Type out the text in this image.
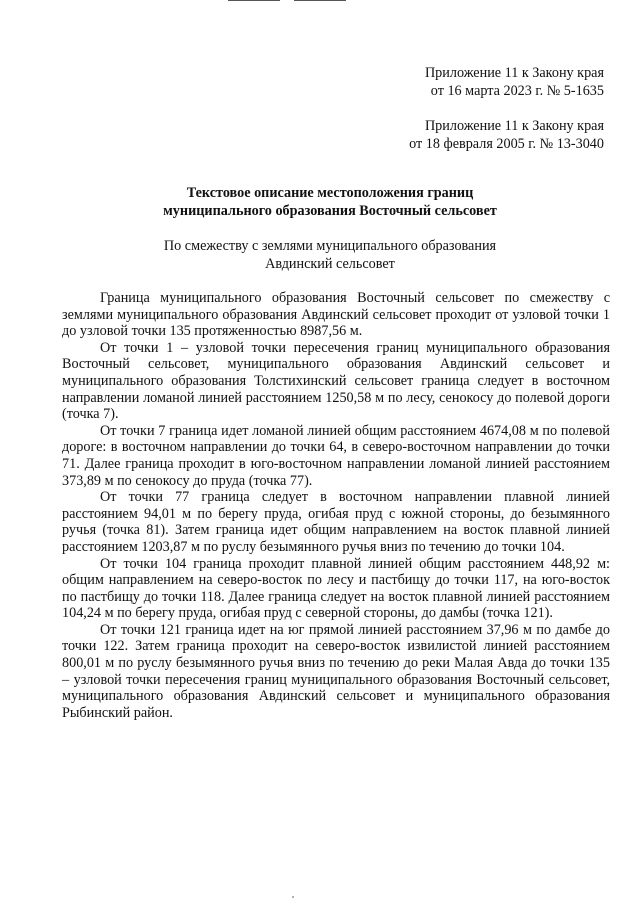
Приложение 11 к Закону края
от 16 марта 2023 г. № 5-1635
Приложение 11 к Закону края
от 18 февраля 2005 г. № 13-3040
Текстовое описание местоположения границ
муниципального образования Восточный сельсовет
По смежеству с землями муниципального образования
Авдинский сельсовет

Граница муниципального образования Восточный сельсовет по смежеству с землями муниципального образования Авдинский сельсовет проходит от узловой точки 1 до узловой точки 135 протяженностью 8987,56 м.

От точки 1 – узловой точки пересечения границ муниципального образования Восточный сельсовет, муниципального образования Авдинский сельсовет и муниципального образования Толстихинский сельсовет граница следует в восточном направлении ломаной линией расстоянием 1250,58 м по лесу, сенокосу до полевой дороги (точка 7).

От точки 7 граница идет ломаной линией общим расстоянием 4674,08 м по полевой дороге: в восточном направлении до точки 64, в северо-восточном направлении до точки 71. Далее граница проходит в юго-восточном направлении ломаной линией расстоянием 373,89 м по сенокосу до пруда (точка 77).

От точки 77 граница следует в восточном направлении плавной линией расстоянием 94,01 м по берегу пруда, огибая пруд с южной стороны, до безымянного ручья (точка 81). Затем граница идет общим направлением на восток плавной линией расстоянием 1203,87 м по руслу безымянного ручья вниз по течению до точки 104.

От точки 104 граница проходит плавной линией общим расстоянием 448,92 м: общим направлением на северо-восток по лесу и пастбищу до точки 117, на юго-восток по пастбищу до точки 118. Далее граница следует на восток плавной линией расстоянием 104,24 м по берегу пруда, огибая пруд с северной стороны, до дамбы (точка 121).

От точки 121 граница идет на юг прямой линией расстоянием 37,96 м по дамбе до точки 122. Затем граница проходит на северо-восток извилистой линией расстоянием 800,01 м по руслу безымянного ручья вниз по течению до реки Малая Авда до точки 135 – узловой точки пересечения границ муниципального образования Восточный сельсовет, муниципального образования Авдинский сельсовет и муниципального образования Рыбинский район.
